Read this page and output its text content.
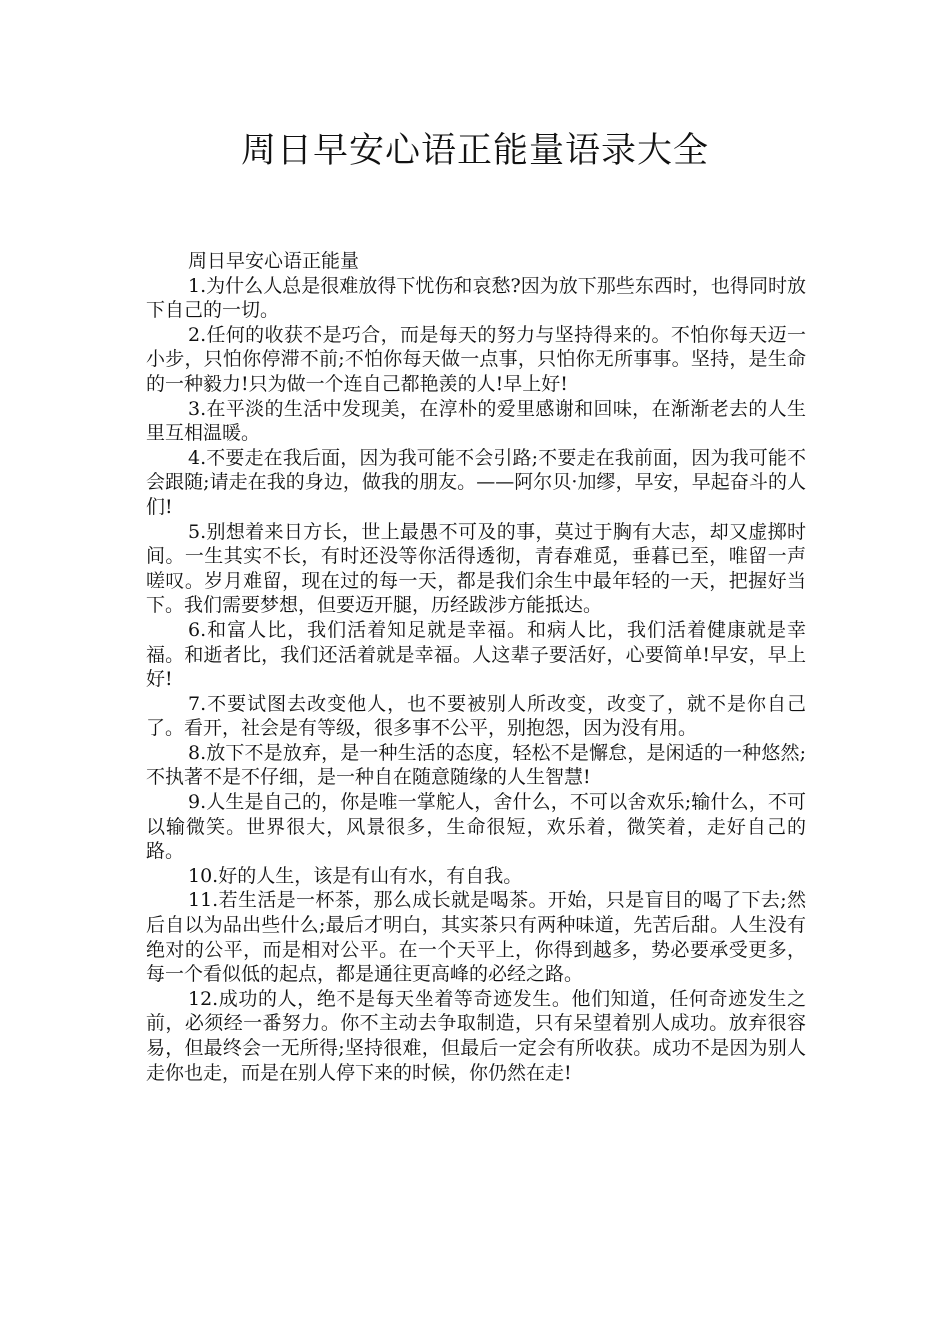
周日早安心语正能量语录大全

周日早安心语正能量

1.为什么人总是很难放得下忧伤和哀愁?因为放下那些东西时，也得同时放下自己的一切。

2.任何的收获不是巧合，而是每天的努力与坚持得来的。不怕你每天迈一小步，只怕你停滞不前;不怕你每天做一点事，只怕你无所事事。坚持，是生命的一种毅力!只为做一个连自己都艳羡的人!早上好!

3.在平淡的生活中发现美，在淳朴的爱里感谢和回味，在渐渐老去的人生里互相温暖。

4.不要走在我后面，因为我可能不会引路;不要走在我前面，因为我可能不会跟随;请走在我的身边，做我的朋友。——阿尔贝·加缪，早安，早起奋斗的人们!

5.别想着来日方长，世上最愚不可及的事，莫过于胸有大志，却又虚掷时间。一生其实不长，有时还没等你活得透彻，青春难觅，垂暮已至，唯留一声嗟叹。岁月难留，现在过的每一天，都是我们余生中最年轻的一天，把握好当下。我们需要梦想，但要迈开腿，历经跋涉方能抵达。

6.和富人比，我们活着知足就是幸福。和病人比，我们活着健康就是幸福。和逝者比，我们还活着就是幸福。人这辈子要活好，心要简单!早安，早上好!

7.不要试图去改变他人，也不要被别人所改变，改变了，就不是你自己了。看开，社会是有等级，很多事不公平，别抱怨，因为没有用。

8.放下不是放弃，是一种生活的态度，轻松不是懈怠，是闲适的一种悠然;不执著不是不仔细，是一种自在随意随缘的人生智慧!

9.人生是自己的，你是唯一掌舵人，舍什么，不可以舍欢乐;输什么，不可以输微笑。世界很大，风景很多，生命很短，欢乐着，微笑着，走好自己的路。

10.好的人生，该是有山有水，有自我。

11.若生活是一杯茶，那么成长就是喝茶。开始，只是盲目的喝了下去;然后自以为品出些什么;最后才明白，其实茶只有两种味道，先苦后甜。人生没有绝对的公平，而是相对公平。在一个天平上，你得到越多，势必要承受更多，每一个看似低的起点，都是通往更高峰的必经之路。

12.成功的人，绝不是每天坐着等奇迹发生。他们知道，任何奇迹发生之前，必须经一番努力。你不主动去争取制造，只有呆望着别人成功。放弃很容易，但最终会一无所得;坚持很难，但最后一定会有所收获。成功不是因为别人走你也走，而是在别人停下来的时候，你仍然在走!
